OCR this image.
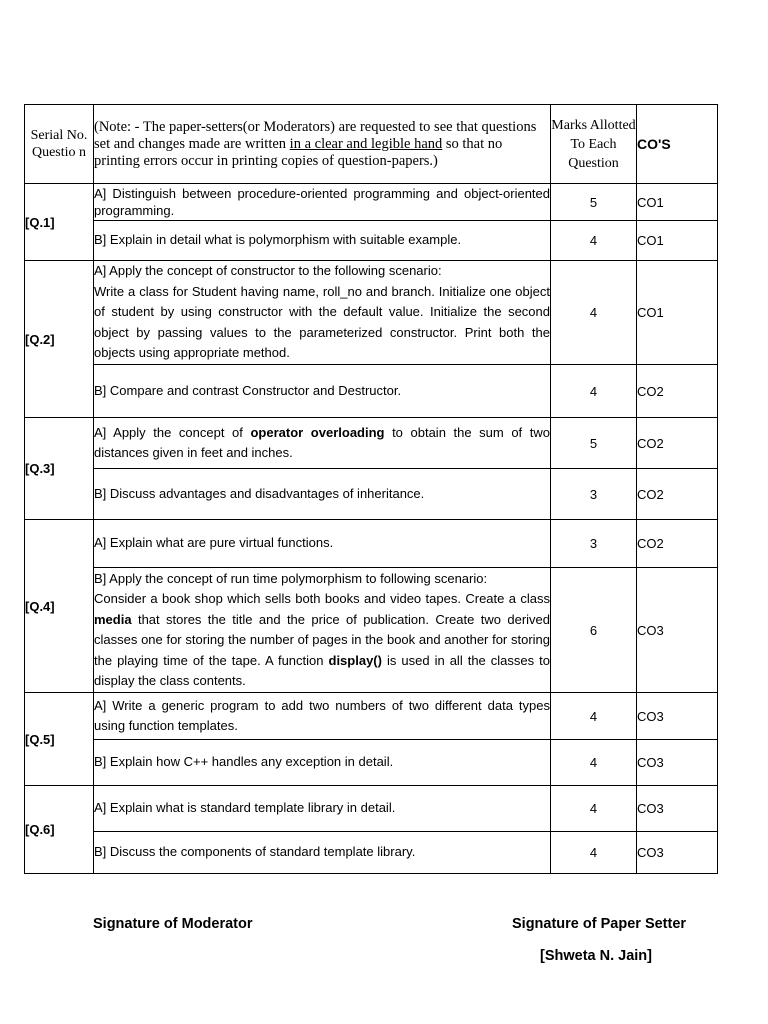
Serial No. Questio n	(Note: - The paper-setters(or Moderators) are requested to see that questions set and changes made are written in a clear and legible hand so that no printing errors occur in printing copies of question-papers.)	Marks Allotted To Each Question	CO'S
[Q.1]	A] Distinguish between procedure-oriented programming and object-oriented programming.	5	CO1
	B] Explain in detail what is polymorphism with suitable example.	4	CO1
[Q.2]	A] Apply the concept of constructor to the following scenario:
Write a class for Student having name, roll_no and branch. Initialize one object of student by using constructor with the default value. Initialize the second object by passing values to the parameterized constructor. Print both the objects using appropriate method.	4	CO1
	B] Compare and contrast Constructor and Destructor.	4	CO2
[Q.3]	A] Apply the concept of operator overloading to obtain the sum of two distances given in feet and inches.	5	CO2
	B] Discuss advantages and disadvantages of inheritance.	3	CO2
[Q.4]	A] Explain what are pure virtual functions.	3	CO2

	B] Apply the concept of run time polymorphism to following scenario:
Consider a book shop which sells both books and video tapes. Create a class media that stores the title and the price of publication. Create two derived classes one for storing the number of pages in the book and another for storing the playing time of the tape. A function display() is used in all the classes to display the class contents.	6	CO3
[Q.5]	A] Write a generic program to add two numbers of two different data types using function templates.	4	CO3
	B] Explain how C++ handles any exception in detail.	4	CO3
[Q.6]	A] Explain what is standard template library in detail.	4	CO3
	B] Discuss the components of standard template library.	4	CO3
Signature of Moderator	Signature of Paper Setter
[Shweta N. Jain]
